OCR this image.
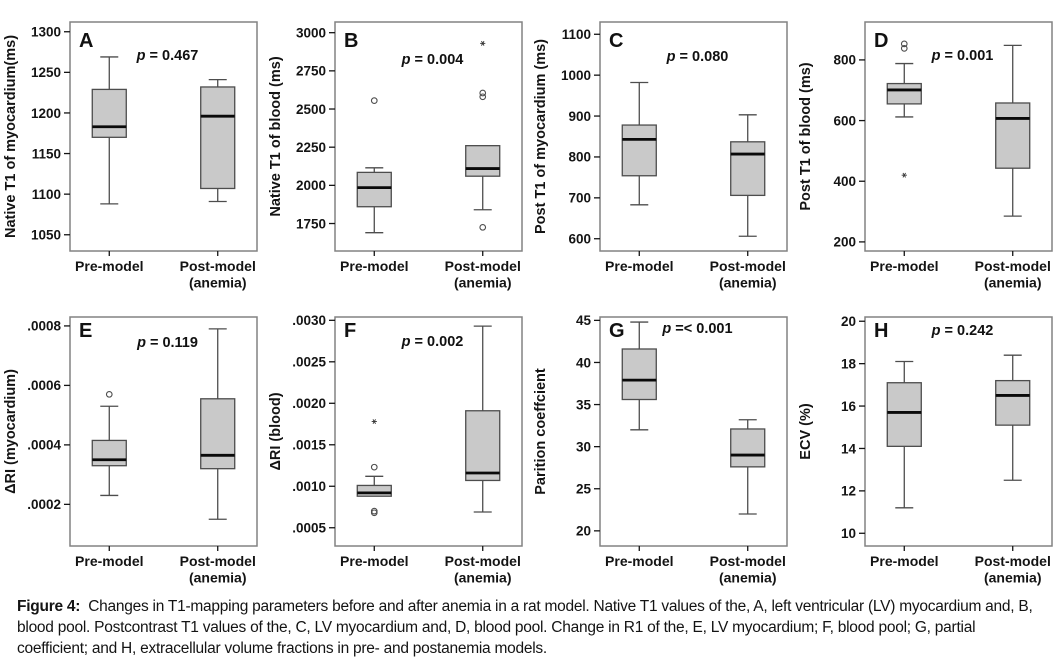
1050
1100
1150
1200
1250
1300
Native T1 of myocardium(ms)
Pre-model	Post-model
(anemia)
A
p = 0.467
1750
2000
2250
2500
2750
3000
Native T1 of blood (ms)
Pre-model	Post-model
(anemia)
B
p = 0.004
600
700
800
900
1000
1100
Post T1 of myocardium (ms)
Pre-model	Post-model
(anemia)
C
p = 0.080
200
400
600
800
Post T1 of blood (ms)
Pre-model	Post-model
(anemia)
D
p = 0.001
.0002
.0004
.0006
.0008
ΔRI (myocardium)
Pre-model	Post-model
(anemia)
E
p = 0.119
.0005
.0010
.0015
.0020
.0025
.0030
ΔRI (blood)
Pre-model	Post-model
(anemia)
F	p = 0.002
20
25
30
35
40
45
Parition coeffcient
Pre-model	Post-model
(anemia)
G	p =< 0.001
10
12
14
16
18
20
ECV (%)
Pre-model	Post-model
(anemia)
H	p = 0.242
Figure 4: Changes in T1-mapping parameters before and after anemia in a rat model. Native T1 values of the, A, left ventricular (LV) myocardium and, B, blood pool. Postcontrast T1 values of the, C, LV myocardium and, D, blood pool. Change in R1 of the, E, LV myocardium; F, blood pool; G, partial coefficient; and H, extracellular volume fractions in pre- and postanemia models.
